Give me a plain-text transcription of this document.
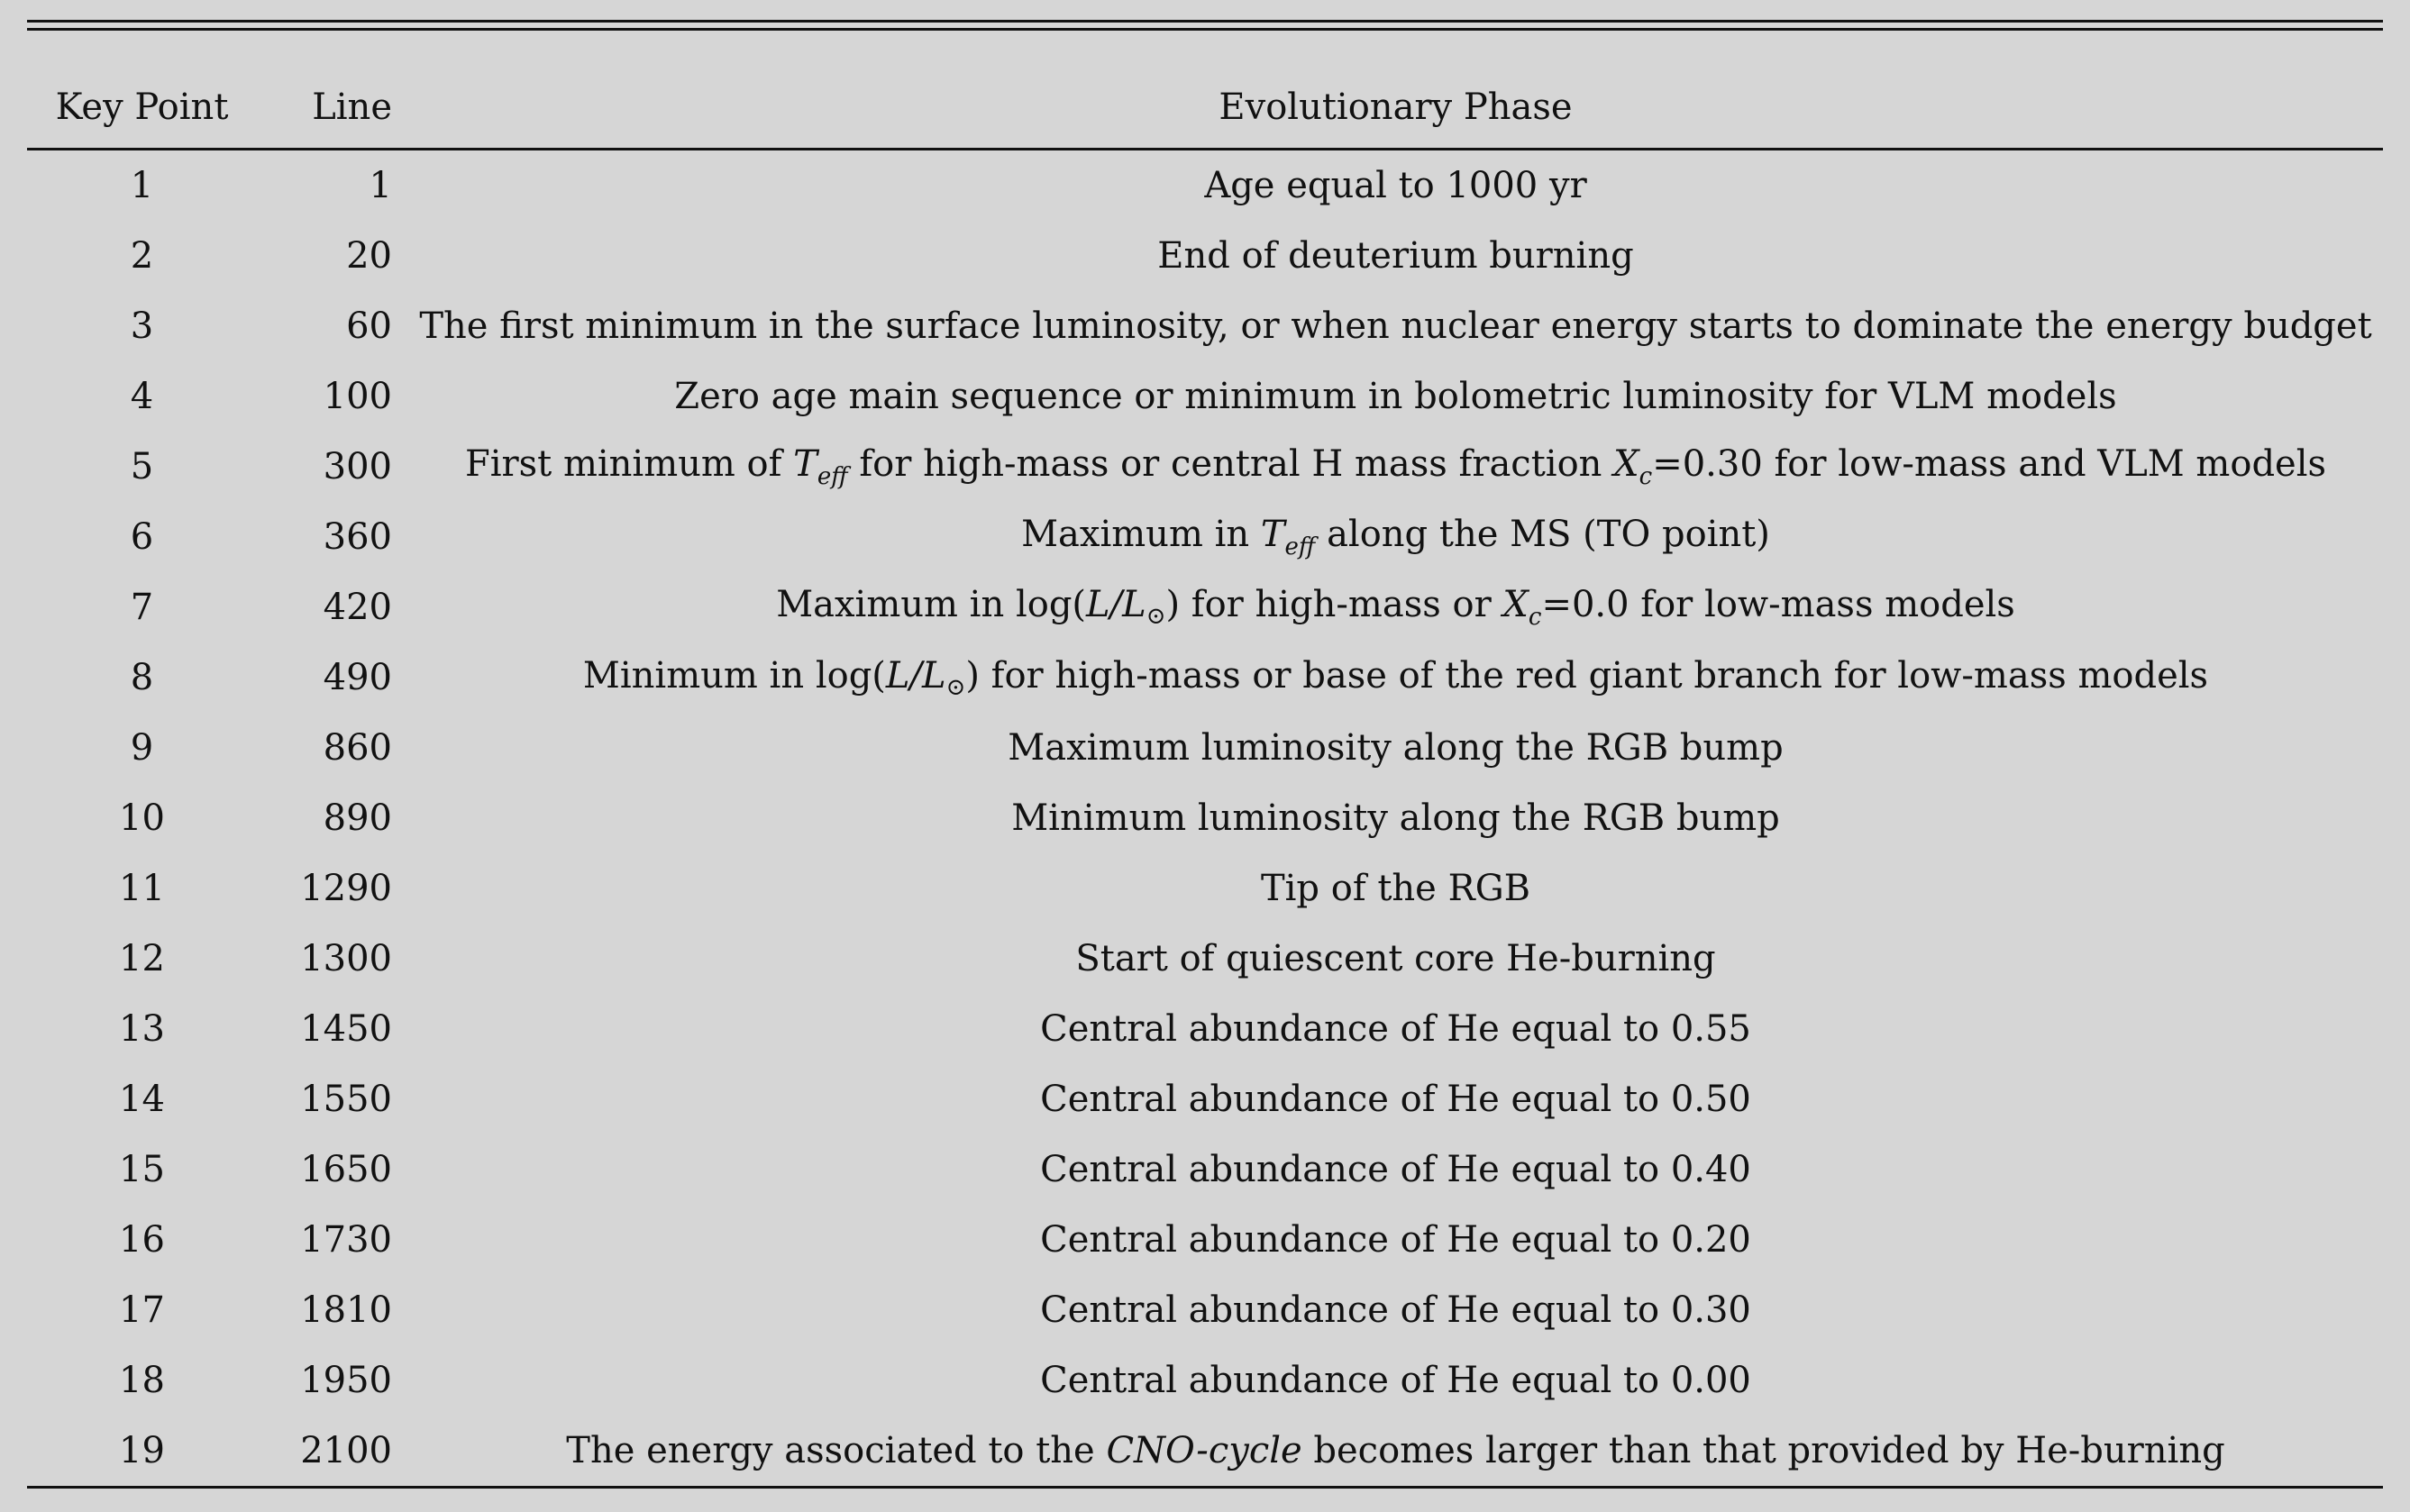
Key Point	Line	Evolutionary Phase
1	1	Age equal to 1000 yr
2	20	End of deuterium burning
3	60	The first minimum in the surface luminosity, or when nuclear energy starts to dominate the energy budget
4	100	Zero age main sequence or minimum in bolometric luminosity for VLM models
5	300	First minimum of $T_{eff}$ for high-mass or central H mass fraction $X_c=0.30$ for low-mass and VLM models
6	360	Maximum in $T_{eff}$ along the MS (TO point)
7	420	Maximum in $\log(L/L_⊙)$ for high-mass or $X_c=0.0$ for low-mass models
8	490	Minimum in $\log(L/L_⊙)$ for high-mass or base of the red giant branch for low-mass models
9	860	Maximum luminosity along the RGB bump
10	890	Minimum luminosity along the RGB bump
11	1290	Tip of the RGB
12	1300	Start of quiescent core He-burning
13	1450	Central abundance of He equal to 0.55
14	1550	Central abundance of He equal to 0.50
15	1650	Central abundance of He equal to 0.40
16	1730	Central abundance of He equal to 0.20
17	1810	Central abundance of He equal to 0.30
18	1950	Central abundance of He equal to 0.00
19	2100	The energy associated to the CNO-cycle becomes larger than that provided by He-burning
